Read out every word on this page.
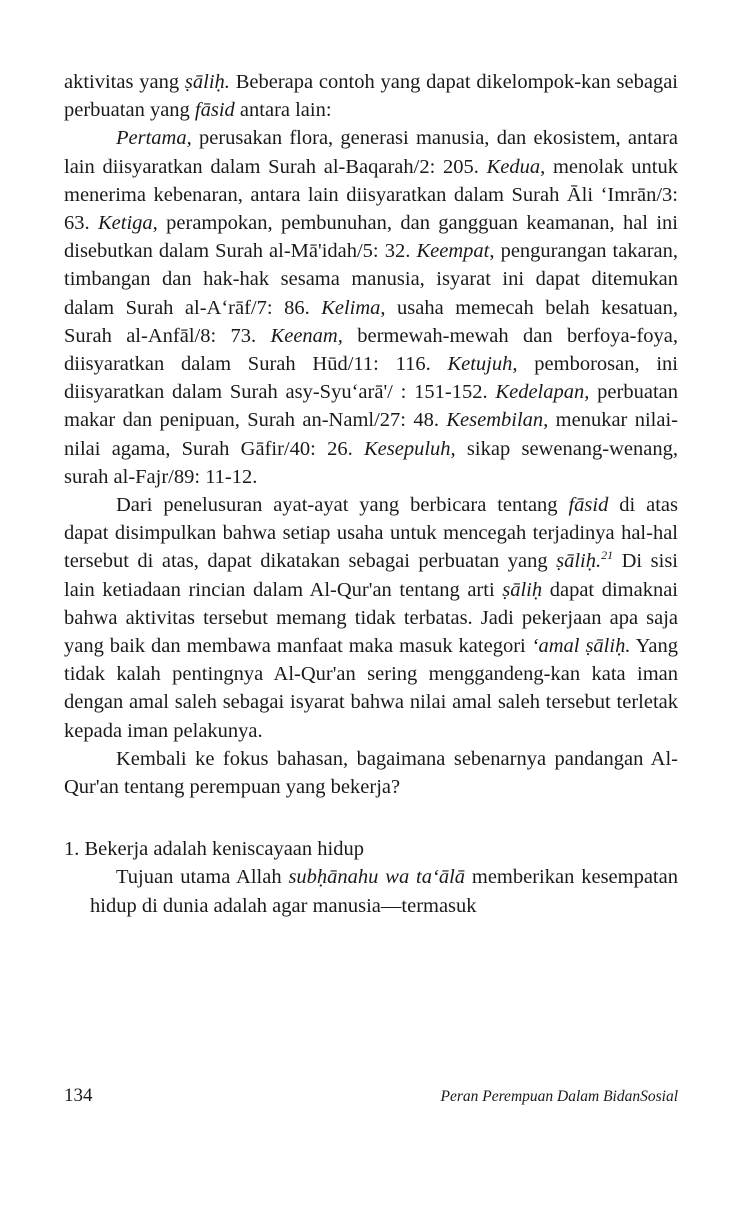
aktivitas yang ṣāliḥ. Beberapa contoh yang dapat dikelompok-kan sebagai perbuatan yang fāsid antara lain:

Pertama, perusakan flora, generasi manusia, dan ekosistem, antara lain diisyaratkan dalam Surah al-Baqarah/2: 205. Kedua, menolak untuk menerima kebenaran, antara lain diisyaratkan dalam Surah Āli ‘Imrān/3: 63. Ketiga, perampokan, pembunuhan, dan gangguan keamanan, hal ini disebutkan dalam Surah al-Mā'idah/5: 32. Keempat, pengurangan takaran, timbangan dan hak-hak sesama manusia, isyarat ini dapat ditemukan dalam Surah al-A‘rāf/7: 86. Kelima, usaha memecah belah kesatuan, Surah al-Anfāl/8: 73. Keenam, bermewah-mewah dan berfoya-foya, diisyaratkan dalam Surah Hūd/11: 116. Ketujuh, pemborosan, ini diisyaratkan dalam Surah asy-Syu‘arā'/ : 151-152. Kedelapan, perbuatan makar dan penipuan, Surah an-Naml/27: 48. Kesembilan, menukar nilai-nilai agama, Surah Gāfir/40: 26. Kesepuluh, sikap sewenang-wenang, surah al-Fajr/89: 11-12.

Dari penelusuran ayat-ayat yang berbicara tentang fāsid di atas dapat disimpulkan bahwa setiap usaha untuk mencegah terjadinya hal-hal tersebut di atas, dapat dikatakan sebagai perbuatan yang ṣāliḥ.$^{21}$ Di sisi lain ketiadaan rincian dalam Al-Qur'an tentang arti ṣāliḥ dapat dimaknai bahwa aktivitas tersebut memang tidak terbatas. Jadi pekerjaan apa saja yang baik dan membawa manfaat maka masuk kategori ‘amal ṣāliḥ. Yang tidak kalah pentingnya Al-Qur'an sering menggandeng-kan kata iman dengan amal saleh sebagai isyarat bahwa nilai amal saleh tersebut terletak kepada iman pelakunya.

Kembali ke fokus bahasan, bagaimana sebenarnya pandangan Al-Qur'an tentang perempuan yang bekerja?

1. Bekerja adalah keniscayaan hidup

Tujuan utama Allah subḥānahu wa ta‘ālā memberikan kesempatan hidup di dunia adalah agar manusia—termasuk

134	Peran Perempuan Dalam BidanSosial
